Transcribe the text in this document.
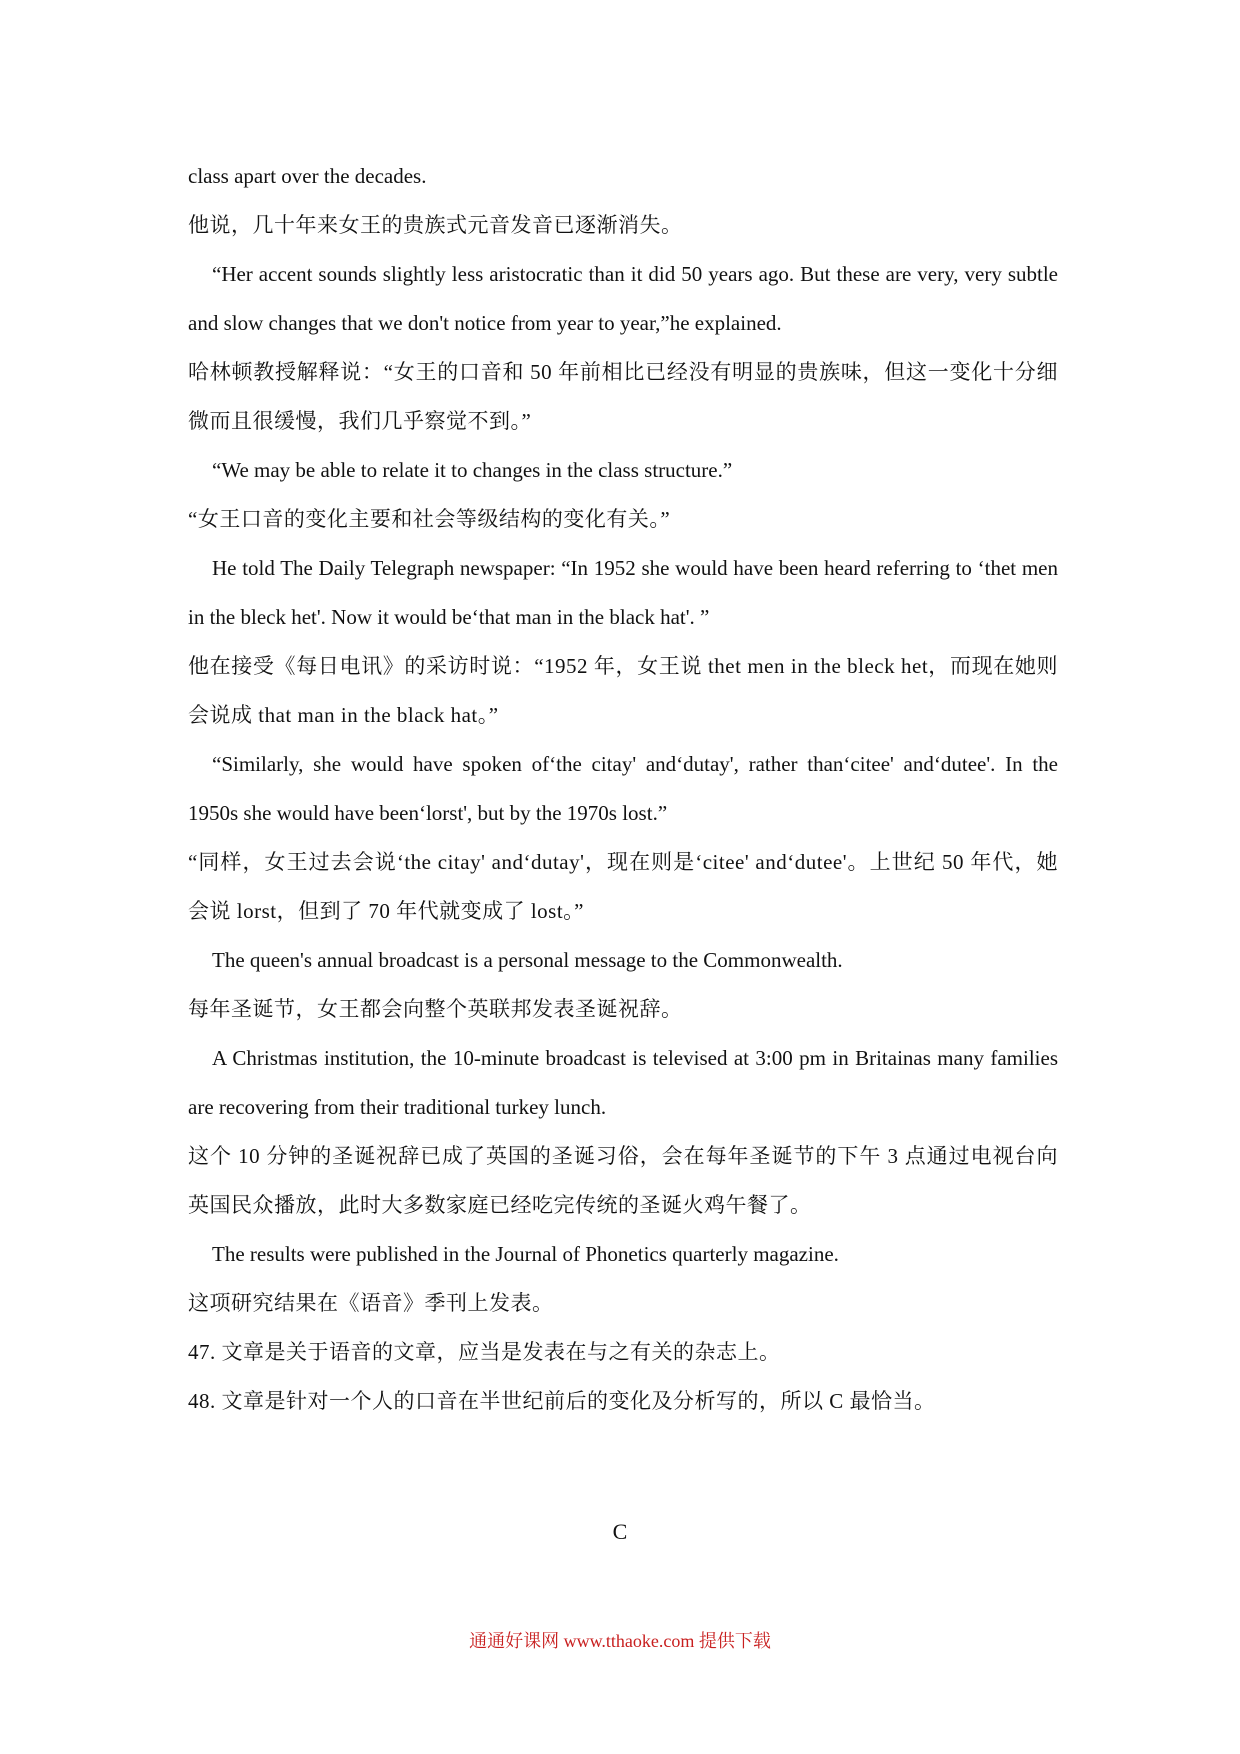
class apart over the decades.

他说，几十年来女王的贵族式元音发音已逐渐消失。

“Her accent sounds slightly less aristocratic than it did 50 years ago. But these are very, very subtle and slow changes that we don't notice from year to year,”he explained.

哈林顿教授解释说：“女王的口音和 50 年前相比已经没有明显的贵族味，但这一变化十分细微而且很缓慢，我们几乎察觉不到。”

“We may be able to relate it to changes in the class structure.”

“女王口音的变化主要和社会等级结构的变化有关。”

He told The Daily Telegraph newspaper: “In 1952 she would have been heard referring to ‘thet men in the bleck het'. Now it would be‘that man in the black hat'. ”

他在接受《每日电讯》的采访时说：“1952 年，女王说 thet men in the bleck het，而现在她则会说成 that man in the black hat。”

“Similarly, she would have spoken of‘the citay' and‘dutay', rather than‘citee' and‘dutee'. In the 1950s she would have been‘lorst', but by the 1970s lost.”

“同样，女王过去会说‘the citay' and‘dutay'，现在则是‘citee' and‘dutee'。上世纪 50 年代，她会说 lorst，但到了 70 年代就变成了 lost。”

The queen's annual broadcast is a personal message to the Commonwealth.

每年圣诞节，女王都会向整个英联邦发表圣诞祝辞。

A Christmas institution, the 10-minute broadcast is televised at 3:00 pm in Britainas many families are recovering from their traditional turkey lunch.

这个 10 分钟的圣诞祝辞已成了英国的圣诞习俗，会在每年圣诞节的下午 3 点通过电视台向英国民众播放，此时大多数家庭已经吃完传统的圣诞火鸡午餐了。

The results were published in the Journal of Phonetics quarterly magazine.

这项研究结果在《语音》季刊上发表。

47. 文章是关于语音的文章，应当是发表在与之有关的杂志上。

48. 文章是针对一个人的口音在半世纪前后的变化及分析写的，所以 C 最恰当。

C

通通好课网 www.tthaoke.com 提供下载
